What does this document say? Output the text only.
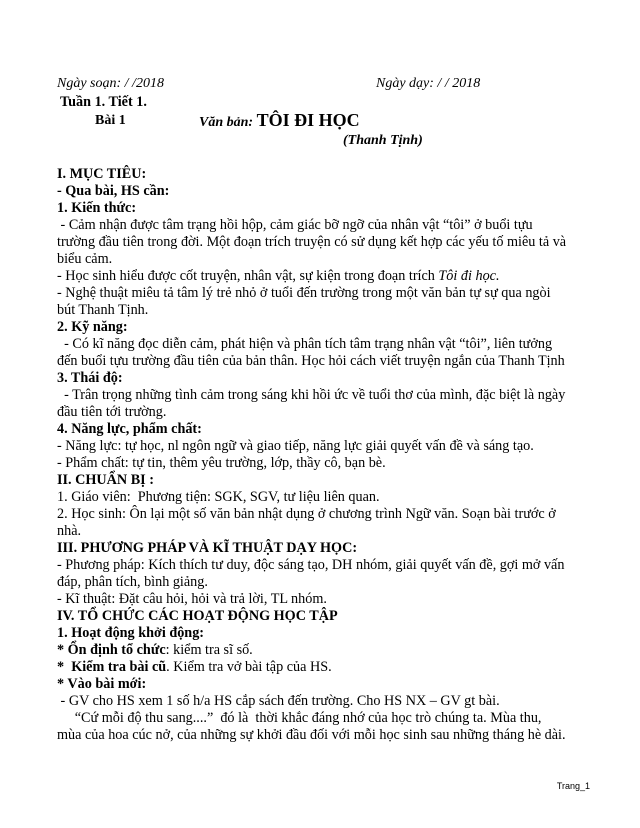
Ngày soạn: / /2018	Ngày dạy: / / 2018
Tuần 1. Tiết 1.
Bài 1	Văn bản: TÔI ĐI HỌC
(Thanh Tịnh)
I. MỤC TIÊU:
- Qua bài, HS cần:
1. Kiến thức:
- Cảm nhận được tâm trạng hồi hộp, cảm giác bỡ ngỡ của nhân vật “tôi” ở buổi tựu
trường đầu tiên trong đời. Một đoạn trích truyện có sử dụng kết hợp các yếu tố miêu tả và
biểu cảm.
- Học sinh hiểu được cốt truyện, nhân vật, sự kiện trong đoạn trích Tôi đi học.
- Nghệ thuật miêu tả tâm lý trẻ nhỏ ở tuổi đến trường trong một văn bản tự sự qua ngòi
bút Thanh Tịnh.
2. Kỹ năng:
- Có kĩ năng đọc diễn cảm, phát hiện và phân tích tâm trạng nhân vật “tôi”, liên tưởng
đến buổi tựu trường đầu tiên của bản thân. Học hỏi cách viết truyện ngắn của Thanh Tịnh
3. Thái độ:
- Trân trọng những tình cảm trong sáng khi hồi ức về tuổi thơ của mình, đặc biệt là ngày
đầu tiên tới trường.
4. Năng lực, phẩm chất:
- Năng lực: tự học, nl ngôn ngữ và giao tiếp, năng lực giải quyết vấn đề và sáng tạo.
- Phẩm chất: tự tin, thêm yêu trường, lớp, thầy cô, bạn bè.
II. CHUẨN BỊ :
1. Giáo viên:  Phương tiện: SGK, SGV, tư liệu liên quan.
2. Học sinh: Ôn lại một số văn bản nhật dụng ở chương trình Ngữ văn. Soạn bài trước ở
nhà.
III. PHƯƠNG PHÁP VÀ KĨ THUẬT DẠY HỌC:
- Phương pháp: Kích thích tư duy, độc sáng tạo, DH nhóm, giải quyết vấn đề, gợi mở vấn
đáp, phân tích, bình giảng.
- Kĩ thuật: Đặt câu hỏi, hỏi và trả lời, TL nhóm.
IV. TỔ CHỨC CÁC HOẠT ĐỘNG HỌC TẬP
1. Hoạt động khởi động:
* Ổn định tổ chức: kiểm tra sĩ số.
*  Kiểm tra bài cũ. Kiểm tra vở bài tập của HS.
* Vào bài mới:
- GV cho HS xem 1 số h/a HS cắp sách đến trường. Cho HS NX – GV gt bài.
“Cứ mỗi độ thu sang....”  đó là  thời khắc đáng nhớ của học trò chúng ta. Mùa thu,
mùa của hoa cúc nở, của những sự khởi đầu đối với mỗi học sinh sau những tháng hè dài.
Trang_1
